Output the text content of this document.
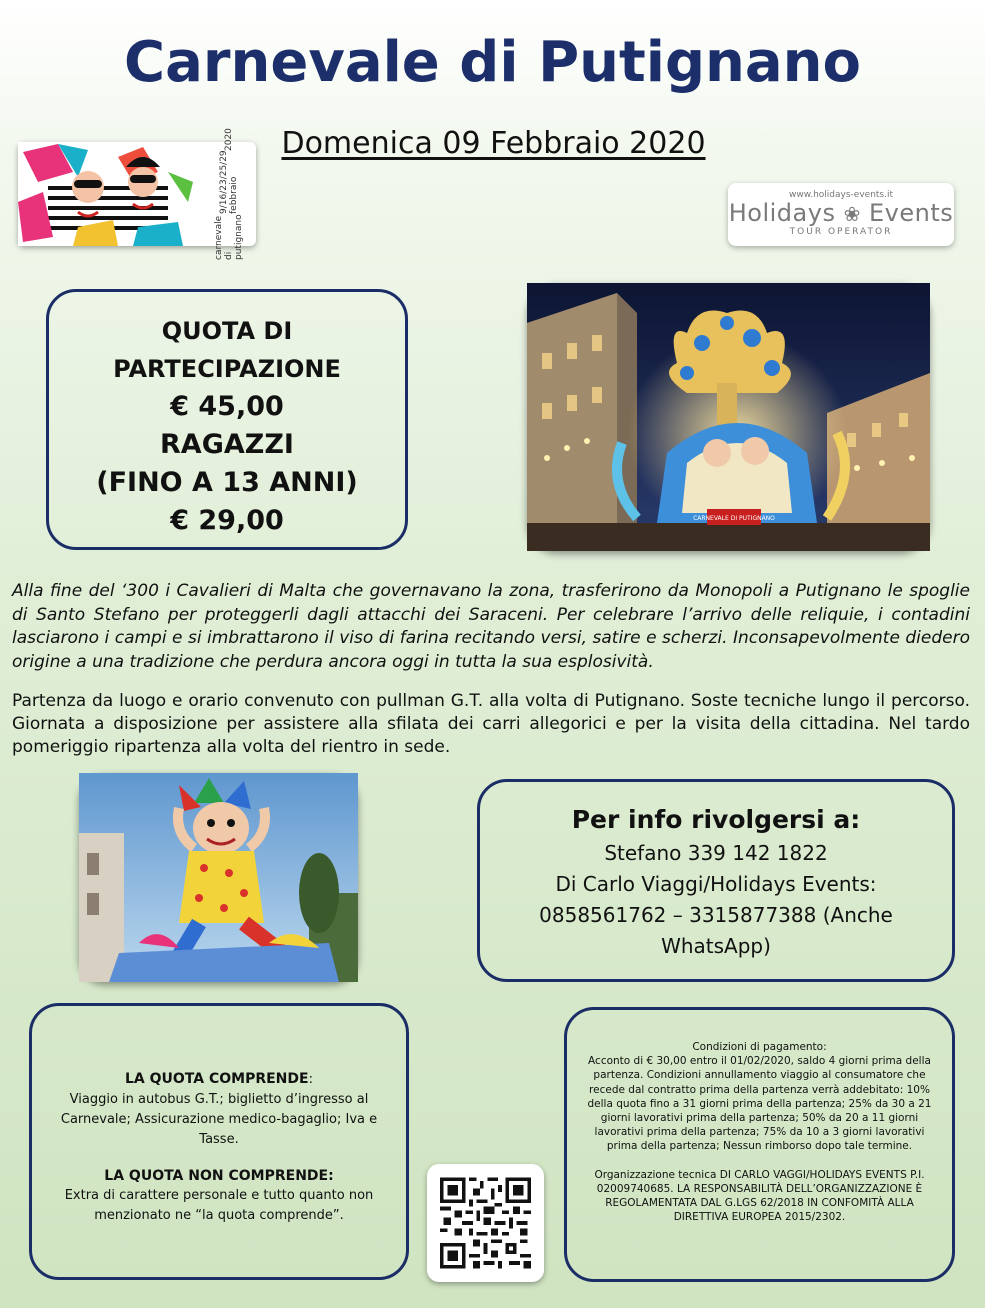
Carnevale di Putignano
Domenica 09 Febbraio 2020
carnevale di putignano
9/16/23/25/29 febbraio
2020
www.holidays-events.it
Holidays ❀ Events
TOUR OPERATOR
QUOTA DI
PARTECIPAZIONE
€ 45,00
RAGAZZI
(FINO A 13 ANNI)
€ 29,00	CARNEVALE DI PUTIGNANO
Alla fine del ‘300 i Cavalieri di Malta che governavano la zona, trasferirono da Monopoli a Putignano le spoglie di Santo Stefano per proteggerli dagli attacchi dei Saraceni. Per celebrare l’arrivo delle reliquie, i contadini lasciarono i campi e si imbrattarono il viso di farina recitando versi, satire e scherzi. Inconsapevolmente diedero origine a una tradizione che perdura ancora oggi in tutta la sua esplosività.
Partenza da luogo e orario convenuto con pullman G.T. alla volta di Putignano. Soste tecniche lungo il percorso. Giornata a disposizione per assistere alla sfilata dei carri allegorici e per la visita della cittadina. Nel tardo pomeriggio ripartenza alla volta del rientro in sede.
Per info rivolgersi a:
Stefano 339 142 1822
Di Carlo Viaggi/Holidays Events:
0858561762 – 3315877388 (Anche
WhatsApp)
LA QUOTA COMPRENDE:
Viaggio in autobus G.T.; biglietto d’ingresso al Carnevale; Assicurazione medico-bagaglio; Iva e Tasse.
LA QUOTA NON COMPRENDE:
Extra di carattere personale e tutto quanto non menzionato ne “la quota comprende”.
Condizioni di pagamento:
Acconto di € 30,00 entro il 01/02/2020, saldo 4 giorni prima della partenza. Condizioni annullamento viaggio al consumatore che recede dal contratto prima della partenza verrà addebitato: 10% della quota fino a 31 giorni prima della partenza; 25% da 30 a 21 giorni lavorativi prima della partenza; 50% da 20 a 11 giorni lavorativi prima della partenza; 75% da 10 a 3 giorni lavorativi prima della partenza; Nessun rimborso dopo tale termine.
Organizzazione tecnica DI CARLO VAGGI/HOLIDAYS EVENTS P.I. 02009740685. LA RESPONSABILITÀ DELL’ORGANIZZAZIONE È REGOLAMENTATA DAL G.LGS 62/2018 IN CONFOMITÀ ALLA DIRETTIVA EUROPEA 2015/2302.
